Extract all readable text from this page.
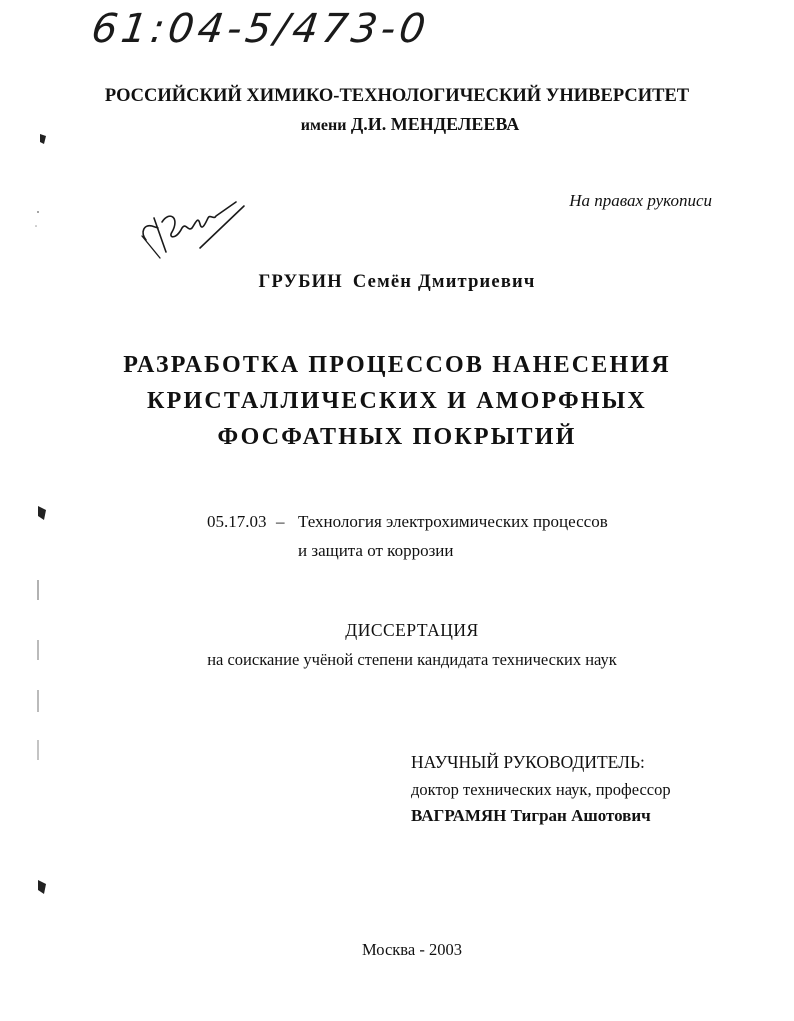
61:04-5/473-0
РОССИЙСКИЙ ХИМИКО-ТЕХНОЛОГИЧЕСКИЙ УНИВЕРСИТЕТ
имени Д.И. МЕНДЕЛЕЕВА
На правах рукописи
ГРУБИН Семён Дмитриевич
РАЗРАБОТКА ПРОЦЕССОВ НАНЕСЕНИЯ
КРИСТАЛЛИЧЕСКИХ И АМОРФНЫХ
ФОСФАТНЫХ ПОКРЫТИЙ
05.17.03 – Технология электрохимических процессов
и защита от коррозии
ДИССЕРТАЦИЯ
на соискание учёной степени кандидата технических наук
НАУЧНЫЙ РУКОВОДИТЕЛЬ:
доктор технических наук, профессор
ВАГРАМЯН Тигран Ашотович
Москва - 2003
